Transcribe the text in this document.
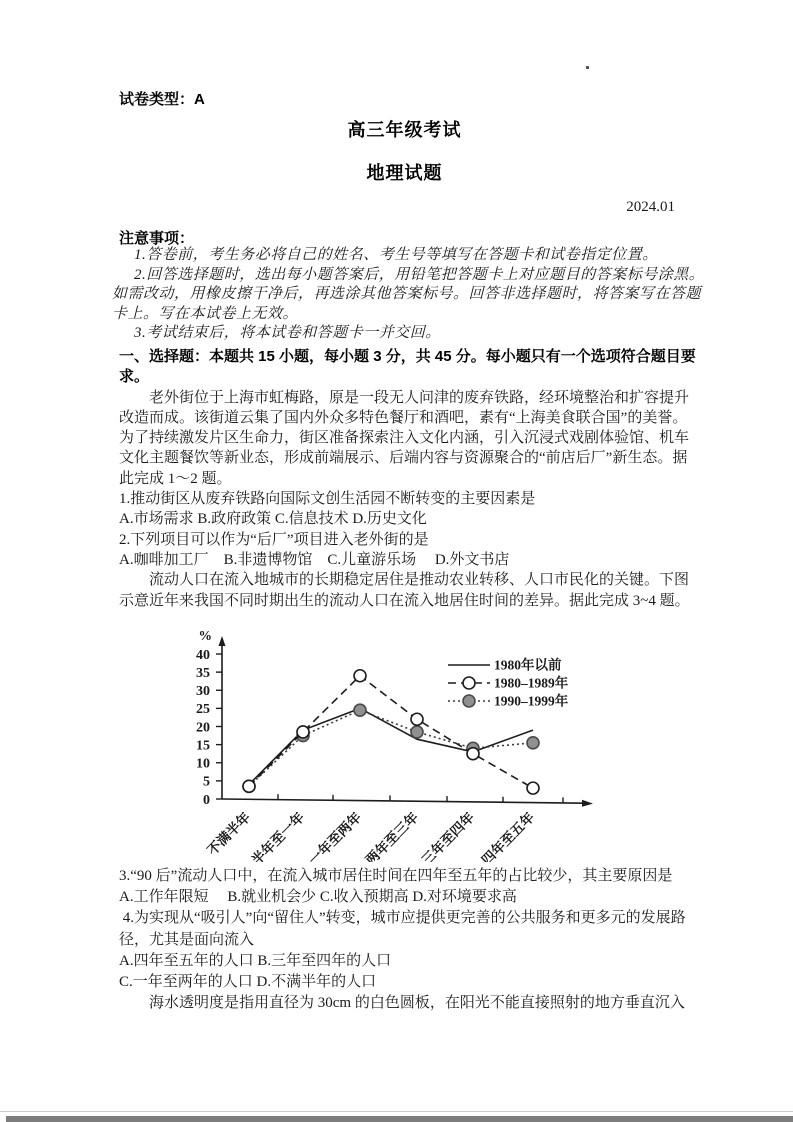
试卷类型：A
高三年级考试
地理试题
2024.01
注意事项：
1.答卷前，考生务必将自己的姓名、考生号等填写在答题卡和试卷指定位置。
2.回答选择题时，选出每小题答案后，用铅笔把答题卡上对应题目的答案标号涂黑。
如需改动，用橡皮擦干净后，再选涂其他答案标号。回答非选择题时，将答案写在答题
卡上。写在本试卷上无效。
3.考试结束后，将本试卷和答题卡一并交回。
一、选择题：本题共 15 小题，每小题 3 分，共 45 分。每小题只有一个选项符合题目要
求。
　　老外街位于上海市虹梅路，原是一段无人问津的废弃铁路，经环境整治和扩容提升
改造而成。该街道云集了国内外众多特色餐厅和酒吧，素有“上海美食联合国”的美誉。
为了持续激发片区生命力，街区准备探索注入文化内涵，引入沉浸式戏剧体验馆、机车
文化主题餐饮等新业态，形成前端展示、后端内容与资源聚合的“前店后厂”新生态。据
此完成 1～2 题。
1.推动街区从废弃铁路向国际文创生活园不断转变的主要因素是
A.市场需求 B.政府政策 C.信息技术 D.历史文化
2.下列项目可以作为“后厂”项目进入老外街的是
A.咖啡加工厂　B.非遗博物馆　C.儿童游乐场　 D.外文书店
　　流动人口在流入地城市的长期稳定居住是推动农业转移、人口市民化的关键。下图
示意近年来我国不同时期出生的流动人口在流入地居住时间的差异。据此完成 3~4 题。
%
0
5
10
15
20
25
30
35
40
不满半年
半年至一年
一年至两年
两年至三年
三年至四年 四年至五年
1980年以前
1980–1989年
1990–1999年
3.“90 后”流动人口中，在流入城市居住时间在四年至五年的占比较少，其主要原因是
A.工作年限短　 B.就业机会少 C.收入预期高 D.对环境要求高
4.为实现从“吸引人”向“留住人”转变，城市应提供更完善的公共服务和更多元的发展路
径，尤其是面向流入
A.四年至五年的人口 B.三年至四年的人口
C.一年至两年的人口 D.不满半年的人口
　　海水透明度是指用直径为 30cm 的白色圆板，在阳光不能直接照射的地方垂直沉入
